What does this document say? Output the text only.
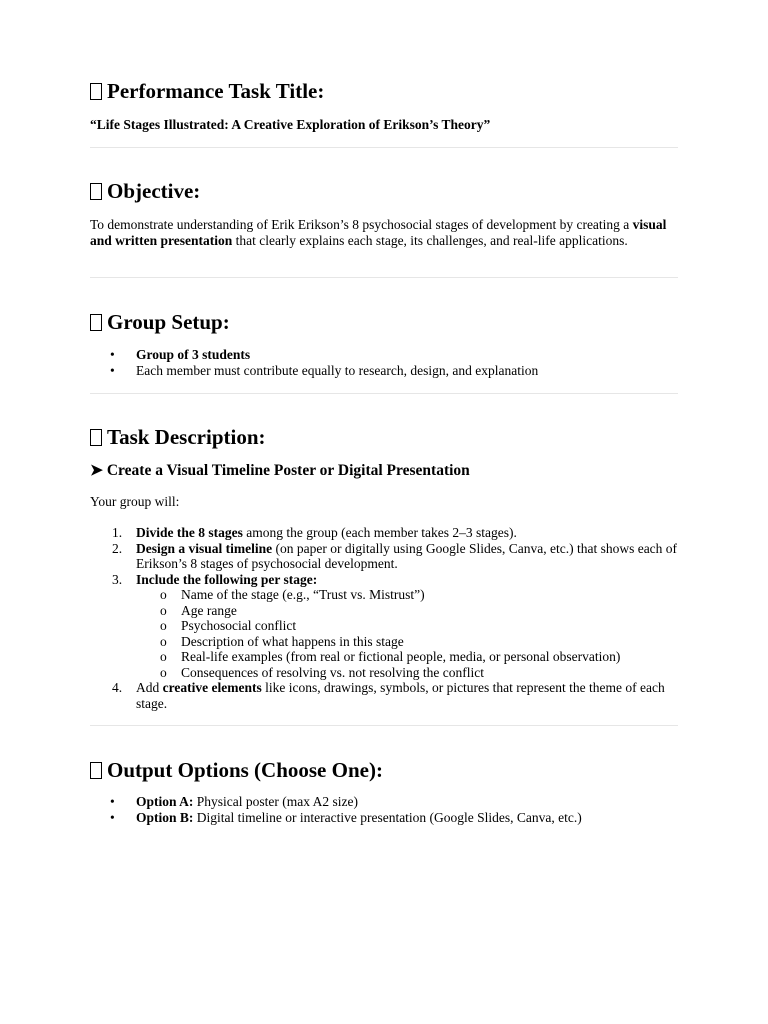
Performance Task Title:

“Life Stages Illustrated: A Creative Exploration of Erikson’s Theory”

Objective:

To demonstrate understanding of Erik Erikson’s 8 psychosocial stages of development by creating a visual and written presentation that clearly explains each stage, its challenges, and real-life applications.

Group Setup:
• Group of 3 students
• Each member must contribute equally to research, design, and explanation
Task Description:
➤ Create a Visual Timeline Poster or Digital Presentation

Your group will:

1. Divide the 8 stages among the group (each member takes 2–3 stages).
2. Design a visual timeline (on paper or digitally using Google Slides, Canva, etc.) that shows each of Erikson’s 8 stages of psychosocial development.
3. Include the following per stage:
o Name of the stage (e.g., “Trust vs. Mistrust”)
o Age range
o Psychosocial conflict
o Description of what happens in this stage
o Real-life examples (from real or fictional people, media, or personal observation)
o Consequences of resolving vs. not resolving the conflict
4. Add creative elements like icons, drawings, symbols, or pictures that represent the theme of each stage.
Output Options (Choose One):
• Option A: Physical poster (max A2 size)
• Option B: Digital timeline or interactive presentation (Google Slides, Canva, etc.)
